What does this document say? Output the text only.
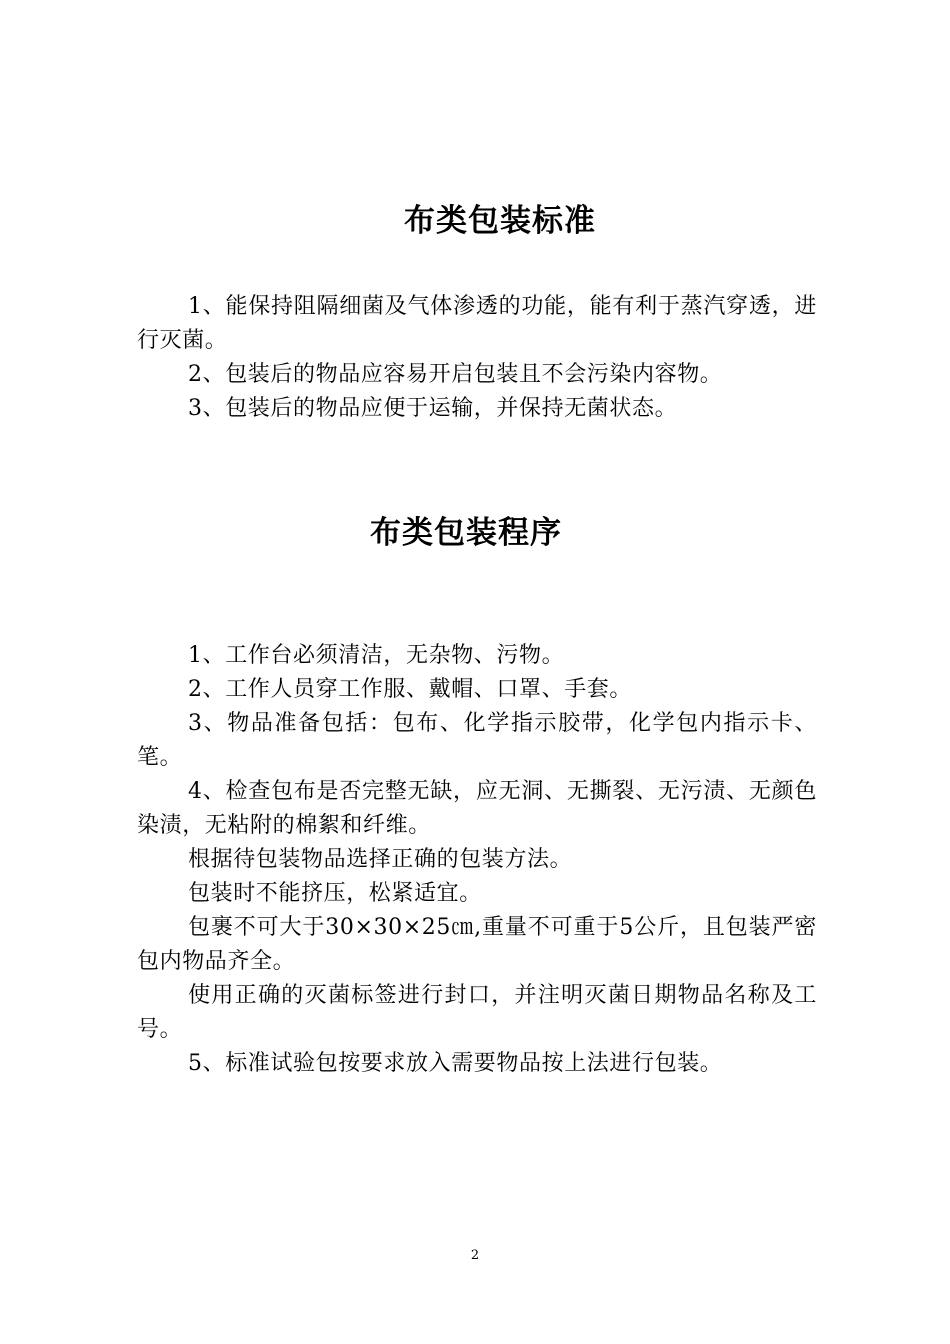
布类包装标准

1、能保持阻隔细菌及气体渗透的功能，能有利于蒸汽穿透，进行灭菌。

2、包装后的物品应容易开启包装且不会污染内容物。

3、包装后的物品应便于运输，并保持无菌状态。

布类包装程序

1、工作台必须清洁，无杂物、污物。

2、工作人员穿工作服、戴帽、口罩、手套。

3、物品准备包括：包布、化学指示胶带，化学包内指示卡、笔。

4、检查包布是否完整无缺，应无洞、无撕裂、无污渍、无颜色染渍，无粘附的棉絮和纤维。

根据待包装物品选择正确的包装方法。

包装时不能挤压，松紧适宜。

包裹不可大于30×30×25㎝,重量不可重于5公斤，且包装严密包内物品齐全。

使用正确的灭菌标签进行封口，并注明灭菌日期物品名称及工号。

5、标准试验包按要求放入需要物品按上法进行包装。

2
